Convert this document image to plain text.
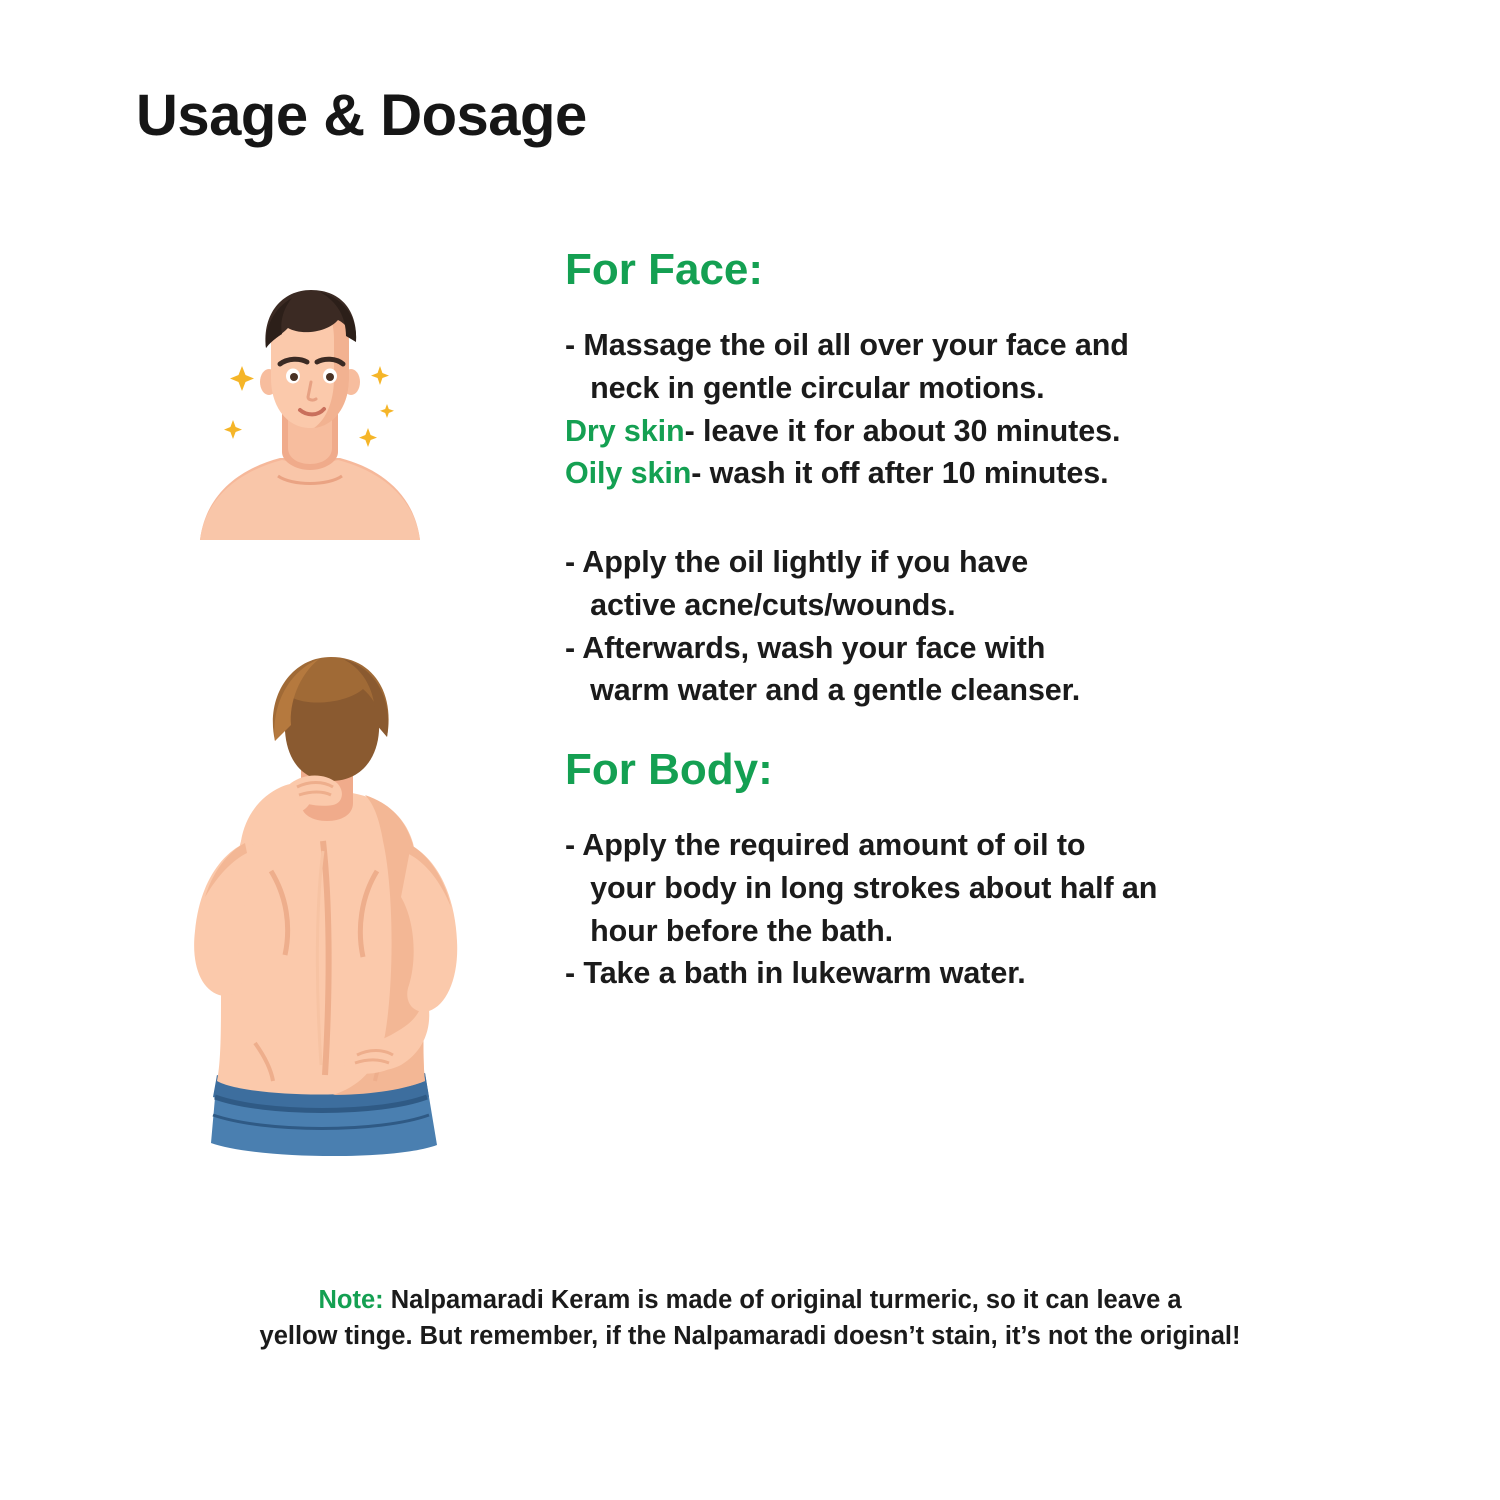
Usage & Dosage
For Face:
- Massage the oil all over your face and
neck in gentle circular motions.
Dry skin- leave it for about 30 minutes.
Oily skin- wash it off after 10 minutes.
- Apply the oil lightly if you have
active acne/cuts/wounds.
- Afterwards, wash your face with
warm water and a gentle cleanser.
For Body:
- Apply the required amount of oil to
your body in long strokes about half an
hour before the bath.
- Take a bath in lukewarm water.
Note: Nalpamaradi Keram is made of original turmeric, so it can leave a
yellow tinge. But remember, if the Nalpamaradi doesn’t stain, it’s not the original!
